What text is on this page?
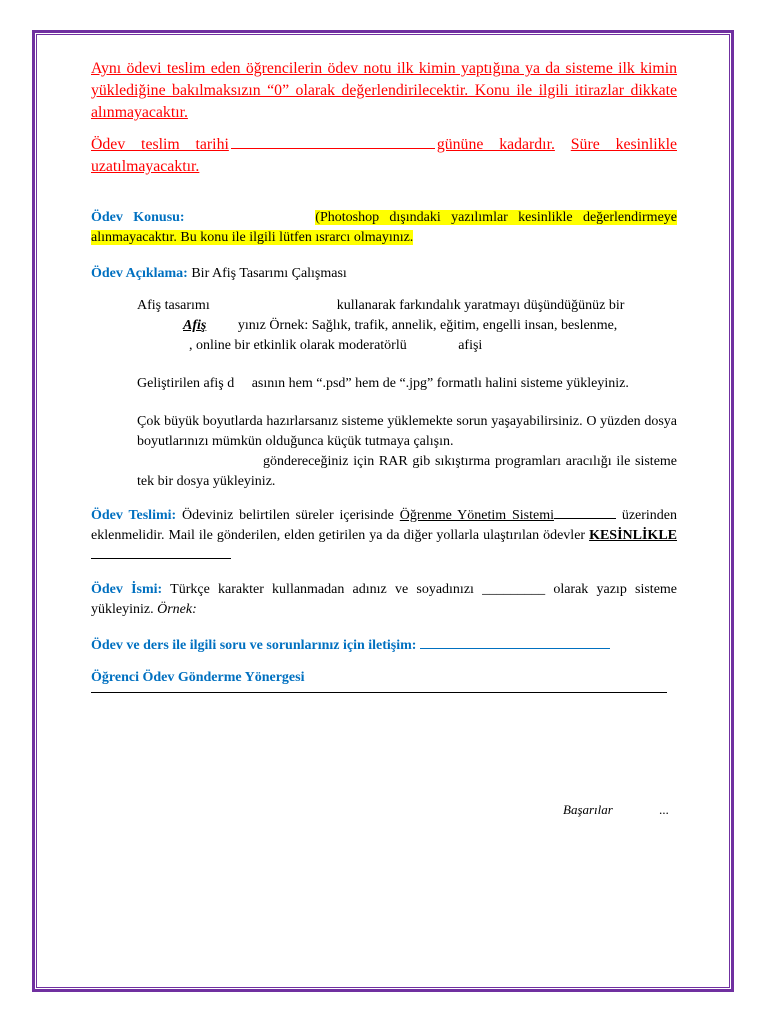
Aynı ödevi teslim eden öğrencilerin ödev notu ilk kimin yaptığına ya da sisteme ilk kimin yüklediğine bakılmaksızın “0” olarak değerlendirilecektir. Konu ile ilgili itirazlar dikkate alınmayacaktır.

Ödev teslim tarihi	gününe kadardır. Süre kesinlikle uzatılmayacaktır.

Ödev Konusu:	(Photoshop dışındaki yazılımlar kesinlikle değerlendirmeye alınmayacaktır. Bu konu ile ilgili lütfen ısrarcı olmayınız.

Ödev Açıklama: Bir Afiş Tasarımı Çalışması

Afiş tasarımı	kullanarak farkındalık yaratmayı düşündüğünüz bir
Afiş yınız Örnek: Sağlık, trafik, annelik, eğitim, engelli insan, beslenme,
, online bir etkinlik olarak moderatörlü	afişi

Geliştirilen afiş d asının hem “.psd” hem de “.jpg” formatlı halini sisteme yükleyiniz.

Çok büyük boyutlarda hazırlarsanız sisteme yüklemekte sorun yaşayabilirsiniz. O yüzden dosya boyutlarınızı mümkün olduğunca küçük tutmaya çalışın.
göndereceğiniz için RAR gib sıkıştırma programları aracılığı ile sisteme tek bir dosya yükleyiniz.

Ödev Teslimi: Ödeviniz belirtilen süreler içerisinde Öğrenme Yönetim Sistemi	üzerinden eklenmelidir. Mail ile gönderilen, elden getirilen ya da diğer yollarla ulaştırılan ödevler KESİNLİKLE

Ödev İsmi: Türkçe karakter kullanmadan adınız ve soyadınızı _________ olarak yazıp sisteme yükleyiniz. Örnek:

Ödev ve ders ile ilgili soru ve sorunlarınız için iletişim:

Öğrenci Ödev Gönderme Yönergesi

Başarılar	...
